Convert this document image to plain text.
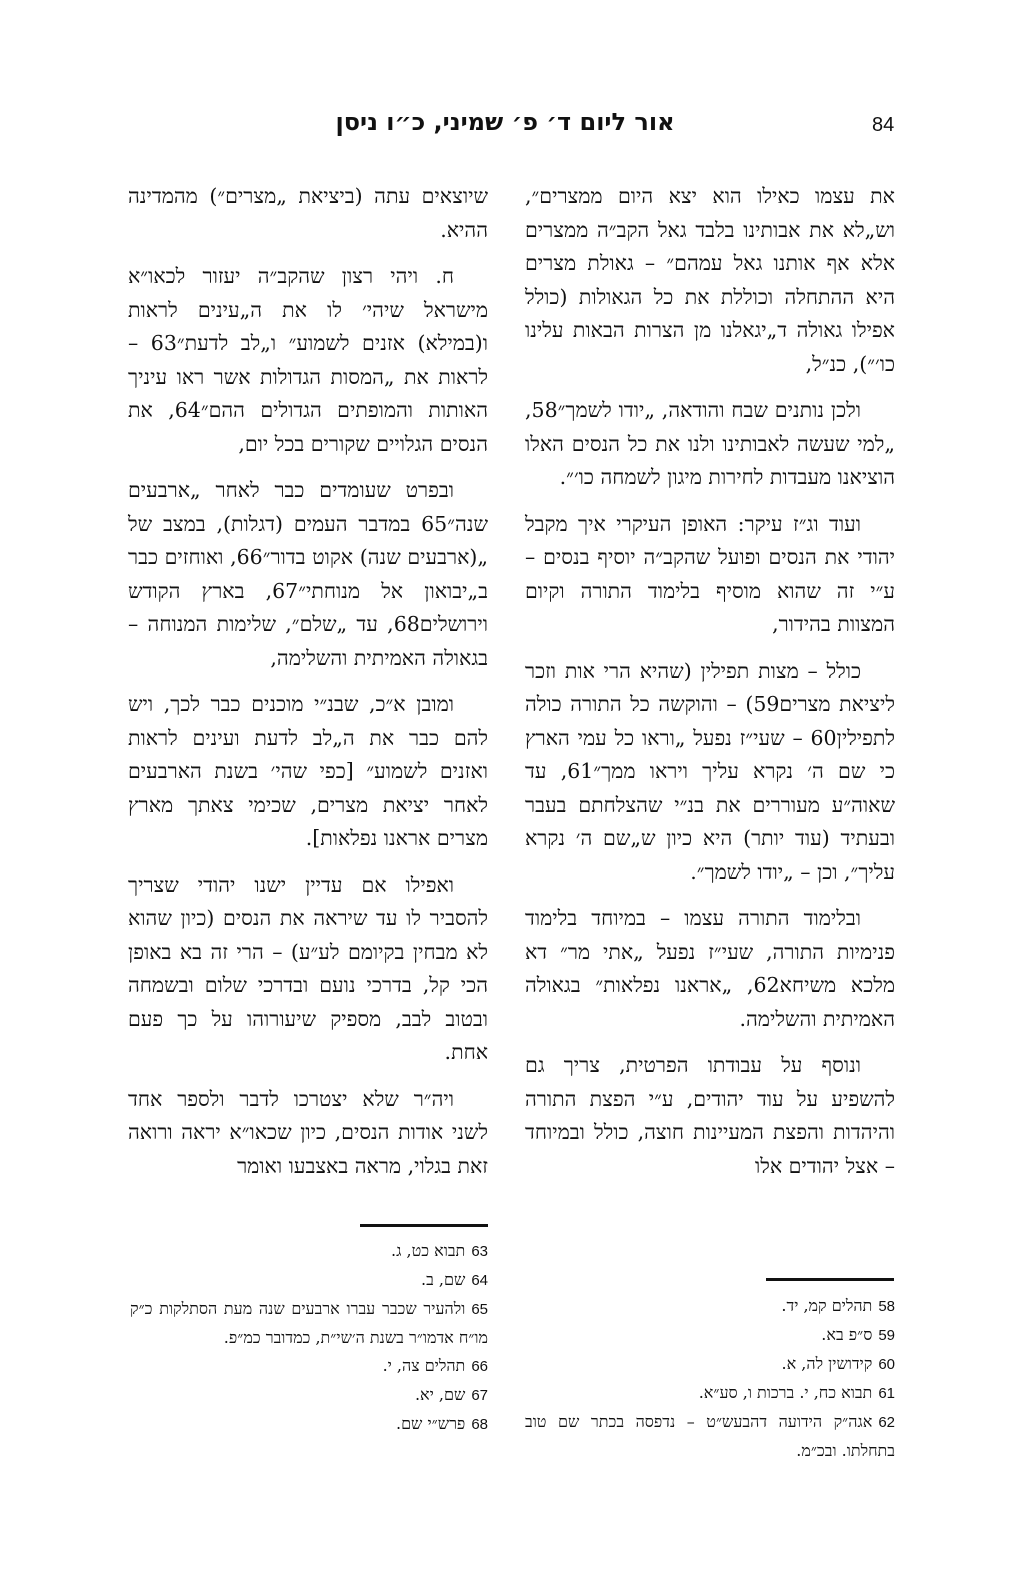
84
אור ליום ד׳ פ׳ שמיני, כ״ו ניסן

את עצמו כאילו הוא יצא היום ממצרים״, וש„לא את אבותינו בלבד גאל הקב״ה ממצרים אלא אף אותנו גאל עמהם״ – גאולת מצרים היא ההתחלה וכוללת את כל הגאולות (כולל אפילו גאולה ד„יגאלנו מן הצרות הבאות עלינו כו׳״), כנ״ל,

ולכן נותנים שבח והודאה, „יודו לשמך״58, „למי שעשה לאבותינו ולנו את כל הנסים האלו הוציאנו מעבדות לחירות מיגון לשמחה כו׳״.

ועוד וג״ז עיקר: האופן העיקרי איך מקבל יהודי את הנסים ופועל שהקב״ה יוסיף בנסים – ע״י זה שהוא מוסיף בלימוד התורה וקיום המצוות בהידור,

כולל – מצות תפילין (שהיא הרי אות וזכר ליציאת מצרים59) – והוקשה כל התורה כולה לתפילין60 – שעי״ז נפעל „וראו כל עמי הארץ כי שם ה׳ נקרא עליך ויראו ממך״61, עד שאוה״ע מעוררים את בנ״י שהצלחתם בעבר ובעתיד (עוד יותר) היא כיון ש„שם ה׳ נקרא עליך״, וכן – „יודו לשמך״.

ובלימוד התורה עצמו – במיוחד בלימוד פנימיות התורה, שעי״ז נפעל „אתי מר״ דא מלכא משיחא62, „אראנו נפלאות״ בגאולה האמיתית והשלימה.

ונוסף על עבודתו הפרטית, צריך גם להשפיע על עוד יהודים, ע״י הפצת התורה והיהדות והפצת המעיינות חוצה, כולל ובמיוחד – אצל יהודים אלו

שיוצאים עתה (ביציאת „מצרים״) מהמדינה ההיא.

ח. ויהי רצון שהקב״ה יעזור לכאו״א מישראל שיהי׳ לו את ה„עינים לראות ו(במילא) אזנים לשמוע״ ו„לב לדעת״63 – לראות את „המסות הגדולות אשר ראו עיניך האותות והמופתים הגדולים ההם״64, את הנסים הגלויים שקורים בכל יום,

ובפרט שעומדים כבר לאחר „ארבעים שנה״65 במדבר העמים (דגלות), במצב של „(ארבעים שנה) אקוט בדור״66, ואוחזים כבר ב„יבואון אל מנוחתי״67, בארץ הקודש וירושלים68, עד „שלם״, שלימות המנוחה – בגאולה האמיתית והשלימה,

ומובן א״כ, שבנ״י מוכנים כבר לכך, ויש להם כבר את ה„לב לדעת ועינים לראות ואזנים לשמוע״ [כפי שהי׳ בשנת הארבעים לאחר יציאת מצרים, שכימי צאתך מארץ מצרים אראנו נפלאות].

ואפילו אם עדיין ישנו יהודי שצריך להסביר לו עד שיראה את הנסים (כיון שהוא לא מבחין בקיומם לע״ע) – הרי זה בא באופן הכי קל, בדרכי נועם ובדרכי שלום ובשמחה ובטוב לבב, מספיק שיעורוהו על כך פעם אחת.

ויה״ר שלא יצטרכו לדבר ולספר אחד לשני אודות הנסים, כיון שכאו״א יראה ורואה זאת בגלוי, מראה באצבעו ואומר

58תהלים קמ, יד.

59ס״פ בא.

60קידושין לה, א.

61תבוא כח, י. ברכות ו, סע״א.

62אגה״ק הידועה דהבעש״ט – נדפסה בכתר שם טוב בתחלתו. ובכ״מ.

63תבוא כט, ג.

64שם, ב.

65ולהעיר שכבר עברו ארבעים שנה מעת הסתלקות כ״ק מו״ח אדמו״ר בשנת ה׳שי״ת, כמדובר כמ״פ.

66תהלים צה, י.

67שם, יא.

68פרש״י שם.
